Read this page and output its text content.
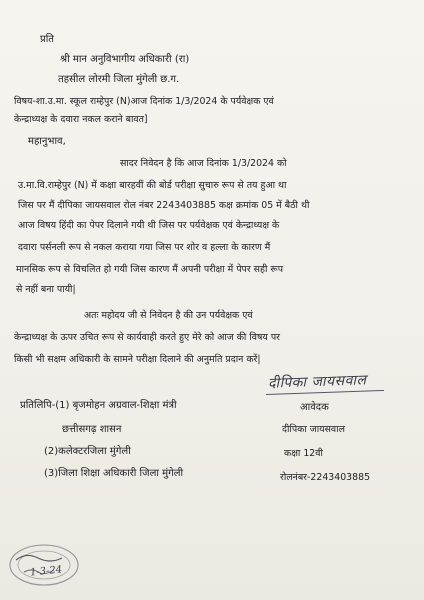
प्रति
श्री मान अनुविभागीय अधिकारी (रा)
तहसील लोरमी जिला मुंगेली छ.ग.
विषय-शा.उ.मा. स्कूल राम्हेपुर (N)आज दिनांक 1/3/2024 के पर्यवेक्षक एवं
केन्द्राध्यक्ष के दवारा नकल कराने बावत]
महानुभाव,
सादर निवेदन है कि आज दिनांक 1/3/2024 को
उ.मा.वि.राम्हेपुर (N) में कक्षा बारहवीं की बोर्ड परीक्षा सुचारु रूप से तय हुआ था
जिस पर मैं दीपिका जायसवाल रोल नंबर 2243403885 कक्ष क्रमांक 05 में बैठी थी
आज विषय हिंदी का पेपर दिलाने गयी थी जिस पर पर्यवेक्षक एवं केन्द्राध्यक्ष के
दवारा पर्सनली रूप से नकल कराया गया जिस पर शोर व हल्ला के कारण मैं
मानसिक रूप से विचलित हो गयी जिस कारण मैं अपनी परीक्षा में पेपर सही रूप
से नहीं बना पायी|
अतः महोदय जी से निवेदन है की उन पर्यवेक्षक एवं
केन्द्राध्यक्ष के ऊपर उचित रूप से कार्यवाही करते हुए मेरे को आज की विषय पर
किसी भी सक्षम अधिकारी के सामने परीक्षा दिलाने की अनुमति प्रदान करें|
दीपिका जायसवाल
प्रतिलिपि-(1) बृजमोहन अग्रवाल-शिक्षा मंत्री
छत्तीसगढ़ शासन
(2)कलेक्टरजिला मुंगेली
(3)जिला शिक्षा अधिकारी जिला मुंगेली
आवेदक
दीपिका जायसवाल
कक्षा 12वी
रोलनंबर-2243403885
1-3-24
